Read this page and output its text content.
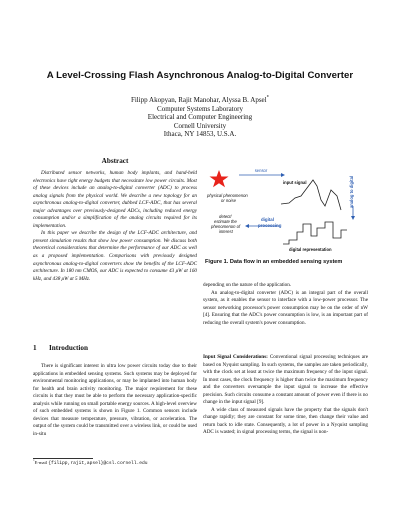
A Level-Crossing Flash Asynchronous Analog-to-Digital Converter
Filipp Akopyan, Rajit Manohar, Alyssa B. Apsel*
Computer Systems Laboratory
Electrical and Computer Engineering
Cornell University
Ithaca, NY 14853, U.S.A.
Abstract

Distributed sensor networks, human body implants, and hand-held electronics have tight energy budgets that necessitate low power circuits. Most of these devices include an analog-to-digital converter (ADC) to process analog signals from the physical world. We describe a new topology for an asynchronous analog-to-digital converter, dubbed LCF-ADC, that has several major advantages over previously-designed ADCs, including reduced energy consumption and/or a simplification of the analog circuits required for its implementation.

In this paper we describe the design of the LCF-ADC architecture, and present simulation results that show low power consumption. We discuss both theoretical considerations that determine the performance of our ADC as well as a proposed implementation. Comparisons with previously designed asynchronous analog-to-digital converters show the benefits of the LCF-ADC architecture. In 180 nm CMOS, our ADC is expected to consume 43 μW at 160 kHz, and 438 μW at 5 MHz.

1 Introduction

There is significant interest in ultra low power circuits today due to their applications in embedded sensing systems. Such systems may be deployed for environmental monitoring applications, or may be implanted into human body for health and brain activity monitoring. The major requirement for these circuits is that they must be able to perform the necessary application-specific analysis while running on small portable energy sources. A high-level overview of such embedded systems is shown in Figure 1. Common sensors include devices that measure temperature, pressure, vibration, or acceleration. The output of the system could be transmitted over a wireless link, or could be used in-situ

*E-mail {filipp,rajit,apsel}@csl.cornell.edu
sensor
physical phenomenon
or noise
input signal	analog to digital
detect/
estimate the
phenomenon of
interest
digital
processing
digital representation
Figure 1. Data flow in an embedded sensing system

depending on the nature of the application.

An analog-to-digital converter (ADC) is an integral part of the overall system, as it enables the sensor to interface with a low-power processor. The sensor networking processor's power consumption may be on the order of nW [4]. Ensuring that the ADC's power consumption is low, is an important part of reducing the overall system's power consumption.

Input Signal Considerations: Conventional signal processing techniques are based on Nyquist sampling. In such systems, the samples are taken periodically, with the clock set at least at twice the maximum frequency of the input signal. In most cases, the clock frequency is higher than twice the maximum frequency and the converters oversample the input signal to increase the effective precision. Such circuits consume a constant amount of power even if there is no change in the input signal [9].

A wide class of measured signals have the property that the signals don't change rapidly; they are constant for some time, then change their value and return back to idle state. Consequently, a lot of power in a Nyquist sampling ADC is wasted; in signal processing terms, the signal is non-
